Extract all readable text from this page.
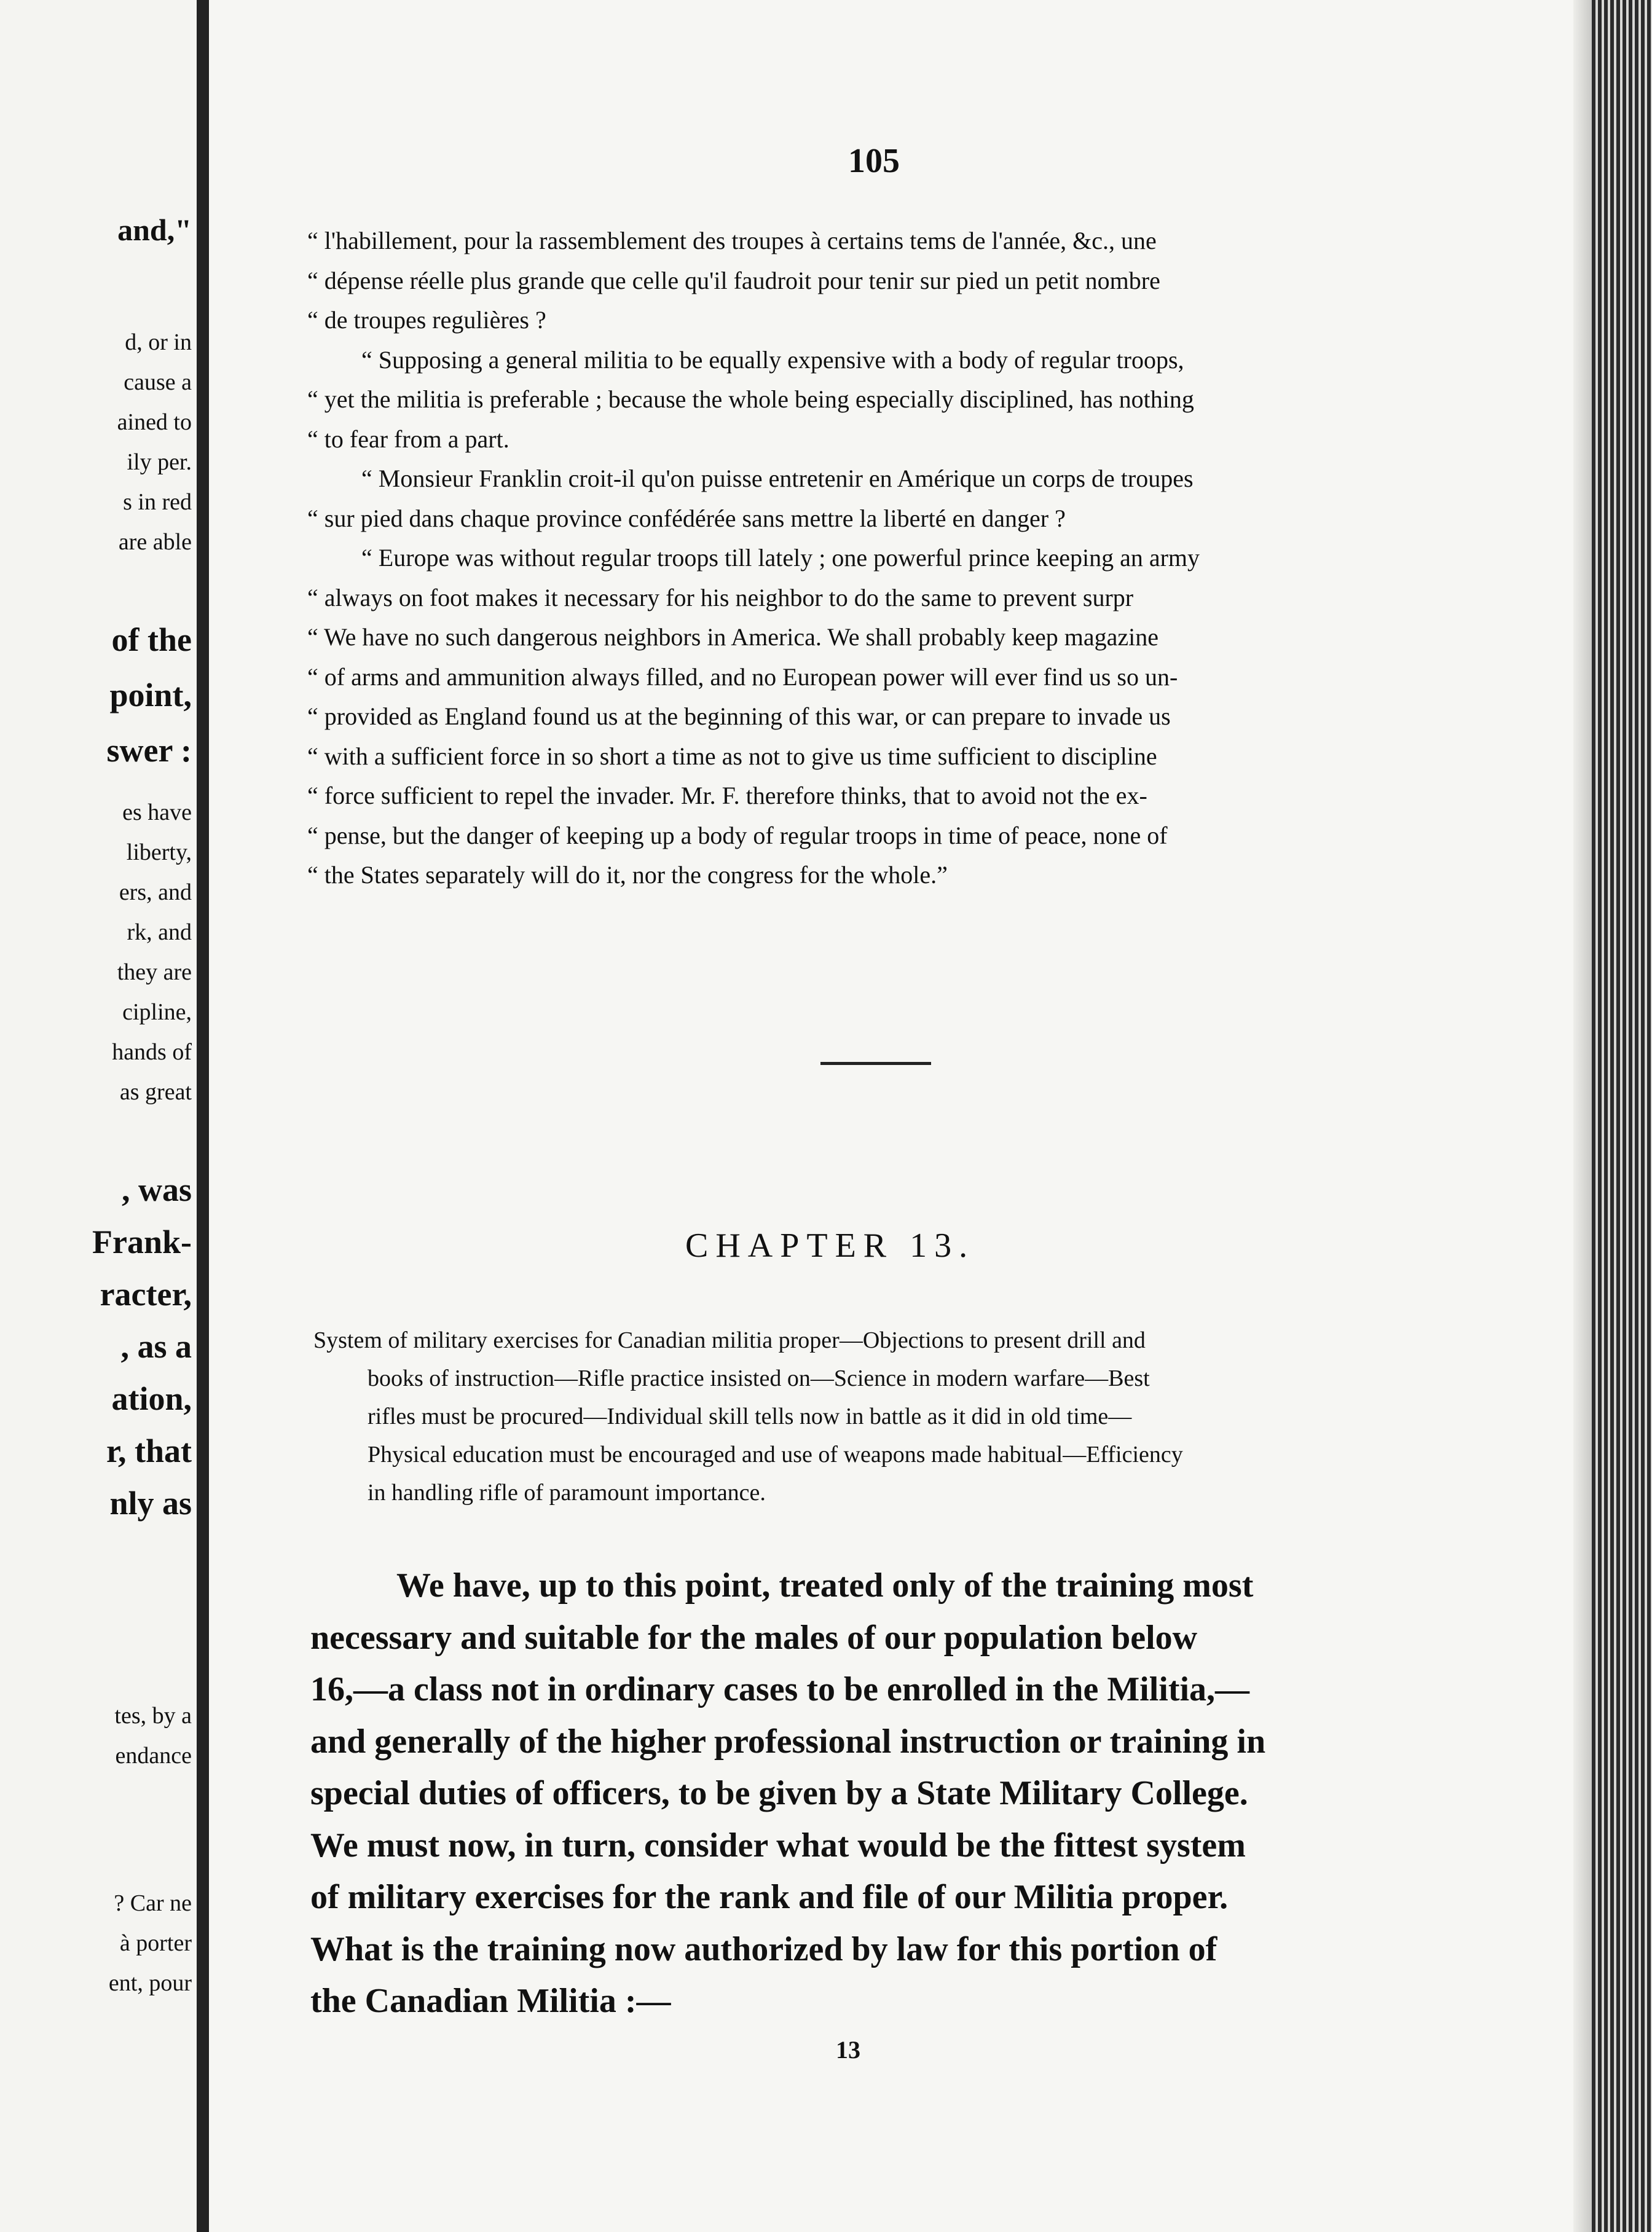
and,"
d, or in
cause a
ained to
ily per.
s in red
are able
of the
point,
swer :
es have
liberty,
ers, and
rk, and
they are
cipline,
hands of
as great
, was
Frank-
racter,
, as a
ation,
r, that
nly as
tes, by a
endance
? Car ne
à porter
ent, pour
105
“ l'habillement, pour la rassemblement des troupes à certains tems de l'année, &c., une
“ dépense réelle plus grande que celle qu'il faudroit pour tenir sur pied un petit nombre
“ de troupes regulières ?
“ Supposing a general militia to be equally expensive with a body of regular troops,
“ yet the militia is preferable ; because the whole being especially disciplined, has nothing
“ to fear from a part.
“ Monsieur Franklin croit-il qu'on puisse entretenir en Amérique un corps de troupes
“ sur pied dans chaque province confédérée sans mettre la liberté en danger ?
“ Europe was without regular troops till lately ; one powerful prince keeping an army
“ always on foot makes it necessary for his neighbor to do the same to prevent surpr
“ We have no such dangerous neighbors in America. We shall probably keep magazine
“ of arms and ammunition always filled, and no European power will ever find us so un-
“ provided as England found us at the beginning of this war, or can prepare to invade us
“ with a sufficient force in so short a time as not to give us time sufficient to discipline
“ force sufficient to repel the invader. Mr. F. therefore thinks, that to avoid not the ex-
“ pense, but the danger of keeping up a body of regular troops in time of peace, none of
“ the States separately will do it, nor the congress for the whole.”
CHAPTER 13.
System of military exercises for Canadian militia proper—Objections to present drill and
books of instruction—Rifle practice insisted on—Science in modern warfare—Best
rifles must be procured—Individual skill tells now in battle as it did in old time—
Physical education must be encouraged and use of weapons made habitual—Efficiency
in handling rifle of paramount importance.
We have, up to this point, treated only of the training most
necessary and suitable for the males of our population below
16,—a class not in ordinary cases to be enrolled in the Militia,—
and generally of the higher professional instruction or training in
special duties of officers, to be given by a State Military College.
We must now, in turn, consider what would be the fittest system
of military exercises for the rank and file of our Militia proper.
What is the training now authorized by law for this portion of
the Canadian Militia :—
13
